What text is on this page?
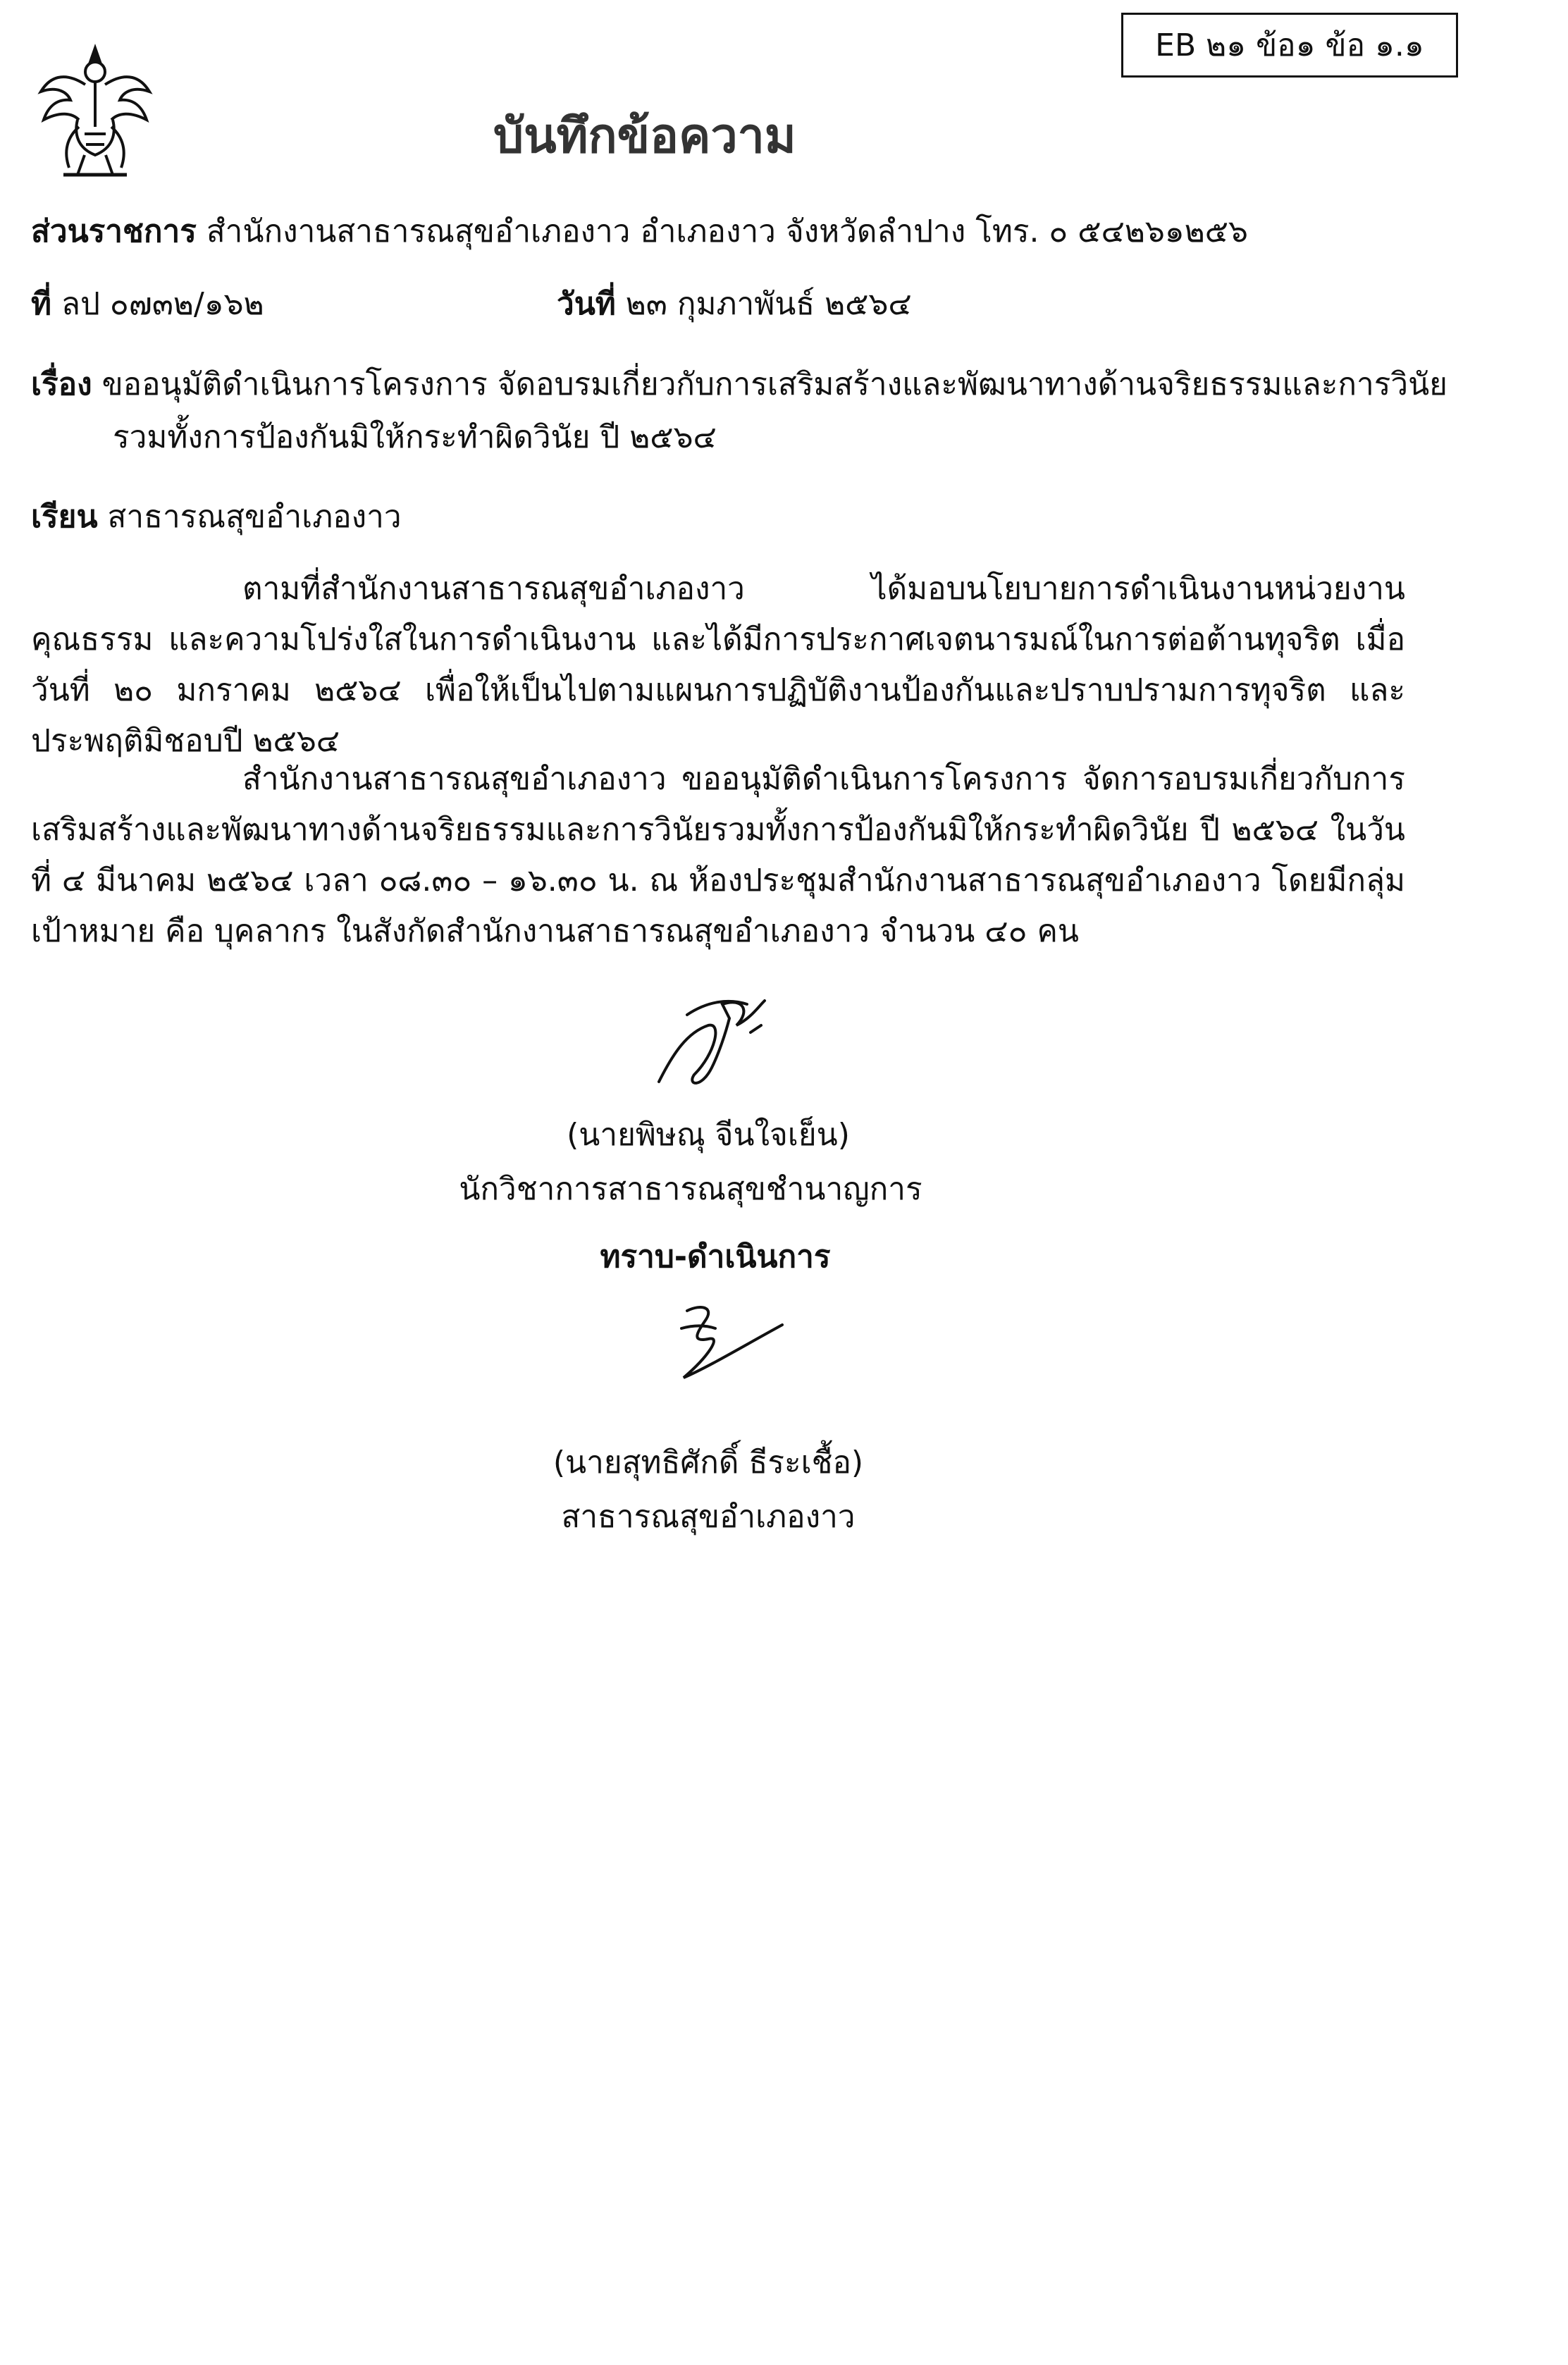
EB ๒๑ ข้อ๑ ข้อ ๑.๑
บันทึกข้อความ
ส่วนราชการ สำนักงานสาธารณสุขอำเภองาว อำเภองาว จังหวัดลำปาง โทร. ๐ ๕๔๒๖๑๒๕๖
ที่ ลป ๐๗๓๒/๑๖๒	วันที่ ๒๓ กุมภาพันธ์ ๒๕๖๔
เรื่อง ขออนุมัติดำเนินการโครงการ จัดอบรมเกี่ยวกับการเสริมสร้างและพัฒนาทางด้านจริยธรรมและการวินัย
รวมทั้งการป้องกันมิให้กระทำผิดวินัย ปี ๒๕๖๔
เรียน สาธารณสุขอำเภองาว
ตามที่สำนักงานสาธารณสุขอำเภองาว ได้มอบนโยบายการดำเนินงานหน่วยงานคุณธรรม และความโปร่งใสในการดำเนินงาน และได้มีการประกาศเจตนารมณ์ในการต่อต้านทุจริต เมื่อวันที่ ๒๐ มกราคม ๒๕๖๔ เพื่อให้เป็นไปตามแผนการปฏิบัติงานป้องกันและปราบปรามการทุจริต และประพฤติมิชอบปี ๒๕๖๔
สำนักงานสาธารณสุขอำเภองาว ขออนุมัติดำเนินการโครงการ จัดการอบรมเกี่ยวกับการเสริมสร้างและพัฒนาทางด้านจริยธรรมและการวินัยรวมทั้งการป้องกันมิให้กระทำผิดวินัย ปี ๒๕๖๔ ในวันที่ ๔ มีนาคม ๒๕๖๔ เวลา ๐๘.๓๐ – ๑๖.๓๐ น. ณ ห้องประชุมสำนักงานสาธารณสุขอำเภองาว โดยมีกลุ่มเป้าหมาย คือ บุคลากร ในสังกัดสำนักงานสาธารณสุขอำเภองาว จำนวน ๔๐ คน
(นายพิษณุ จีนใจเย็น)
นักวิชาการสาธารณสุขชำนาญการ
ทราบ-ดำเนินการ
(นายสุทธิศักดิ์ ธีระเชื้อ)
สาธารณสุขอำเภองาว
